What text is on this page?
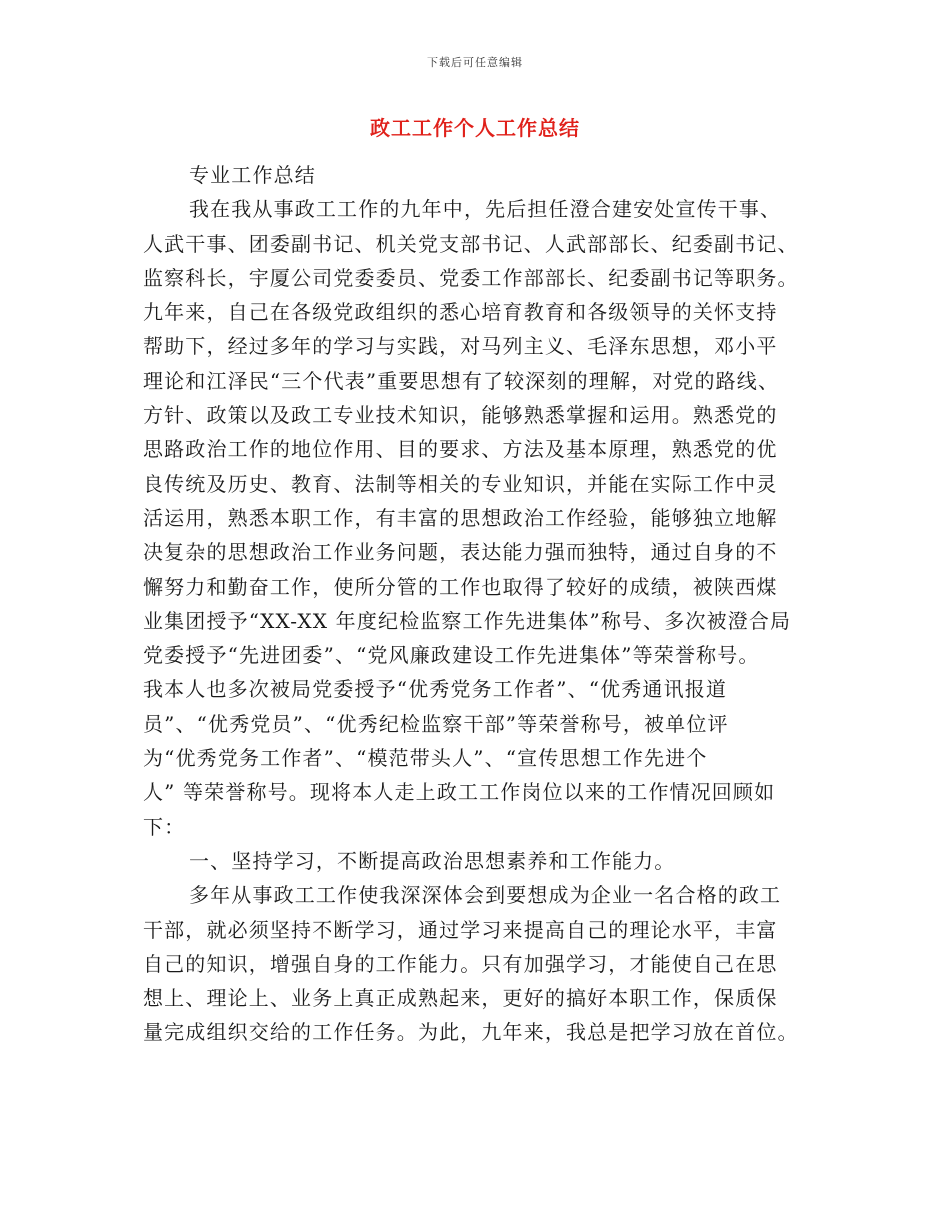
下载后可任意编辑
政工工作个人工作总结
专业工作总结
我在我从事政工工作的九年中，先后担任澄合建安处宣传干事、
人武干事、团委副书记、机关党支部书记、人武部部长、纪委副书记、
监察科长，宇厦公司党委委员、党委工作部部长、纪委副书记等职务。
九年来，自己在各级党政组织的悉心培育教育和各级领导的关怀支持
帮助下，经过多年的学习与实践，对马列主义、毛泽东思想，邓小平
理论和江泽民“三个代表”重要思想有了较深刻的理解，对党的路线、
方针、政策以及政工专业技术知识，能够熟悉掌握和运用。熟悉党的
思路政治工作的地位作用、目的要求、方法及基本原理，熟悉党的优
良传统及历史、教育、法制等相关的专业知识，并能在实际工作中灵
活运用，熟悉本职工作，有丰富的思想政治工作经验，能够独立地解
决复杂的思想政治工作业务问题，表达能力强而独特，通过自身的不
懈努力和勤奋工作，使所分管的工作也取得了较好的成绩，被陕西煤
业集团授予“XX-XX 年度纪检监察工作先进集体”称号、多次被澄合局
党委授予“先进团委”、“党风廉政建设工作先进集体”等荣誉称号。
我本人也多次被局党委授予“优秀党务工作者”、“优秀通讯报道
员”、“优秀党员”、“优秀纪检监察干部”等荣誉称号，被单位评
为“优秀党务工作者”、“模范带头人”、“宣传思想工作先进个
人” 等荣誉称号。现将本人走上政工工作岗位以来的工作情况回顾如
下：
一、坚持学习，不断提高政治思想素养和工作能力。
多年从事政工工作使我深深体会到要想成为企业一名合格的政工
干部，就必须坚持不断学习，通过学习来提高自己的理论水平，丰富
自己的知识，增强自身的工作能力。只有加强学习，才能使自己在思
想上、理论上、业务上真正成熟起来，更好的搞好本职工作，保质保
量完成组织交给的工作任务。为此，九年来，我总是把学习放在首位。
